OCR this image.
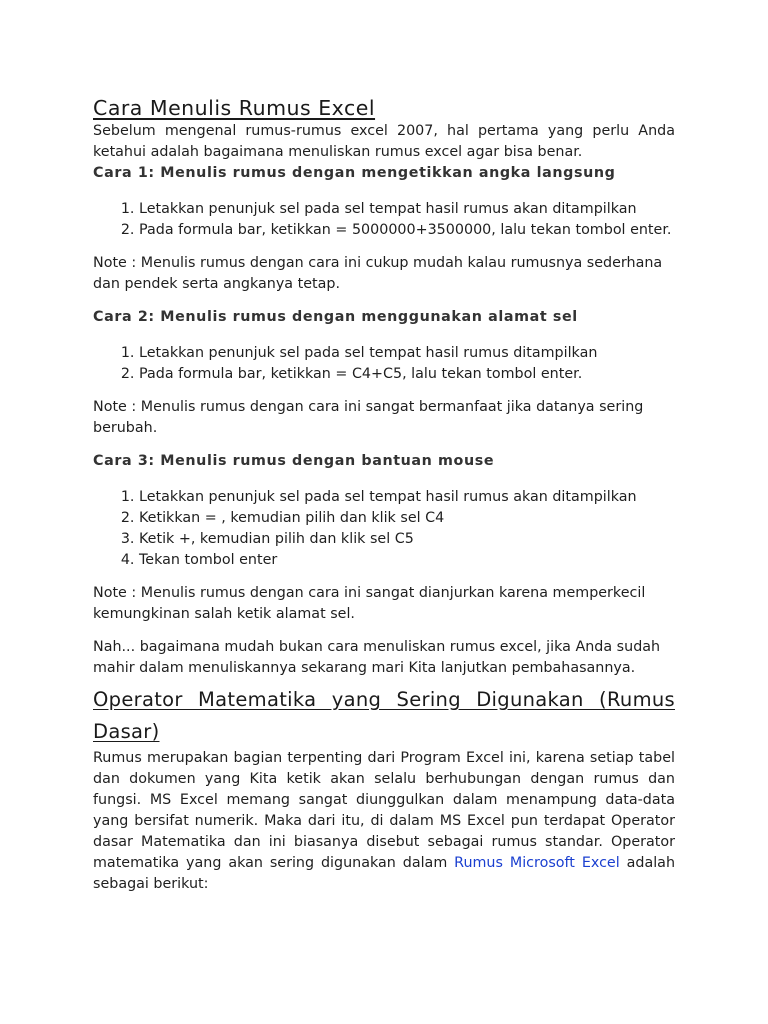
Cara Menulis Rumus Excel

Sebelum mengenal rumus-rumus excel 2007, hal pertama yang perlu Anda ketahui adalah bagaimana menuliskan rumus excel agar bisa benar.

Cara 1: Menulis rumus dengan mengetikkan angka langsung
1. Letakkan penunjuk sel pada sel tempat hasil rumus akan ditampilkan
2. Pada formula bar, ketikkan = 5000000+3500000, lalu tekan tombol enter.

Note : Menulis rumus dengan cara ini cukup mudah kalau rumusnya sederhana dan pendek serta angkanya tetap.

Cara 2: Menulis rumus dengan menggunakan alamat sel
1. Letakkan penunjuk sel pada sel tempat hasil rumus ditampilkan
2. Pada formula bar, ketikkan = C4+C5, lalu tekan tombol enter.

Note : Menulis rumus dengan cara ini sangat bermanfaat jika datanya sering berubah.

Cara 3: Menulis rumus dengan bantuan mouse
1. Letakkan penunjuk sel pada sel tempat hasil rumus akan ditampilkan
2. Ketikkan = , kemudian pilih dan klik sel C4
3. Ketik +, kemudian pilih dan klik sel C5
4. Tekan tombol enter

Note : Menulis rumus dengan cara ini sangat dianjurkan karena memperkecil kemungkinan salah ketik alamat sel.

Nah... bagaimana mudah bukan cara menuliskan rumus excel, jika Anda sudah mahir dalam menuliskannya sekarang mari Kita lanjutkan pembahasannya.

Operator Matematika yang Sering Digunakan (Rumus Dasar)

Rumus merupakan bagian terpenting dari Program Excel ini, karena setiap tabel dan dokumen yang Kita ketik akan selalu berhubungan dengan rumus dan fungsi. MS Excel memang sangat diunggulkan dalam menampung data-data yang bersifat numerik. Maka dari itu, di dalam MS Excel pun terdapat Operator dasar Matematika dan ini biasanya disebut sebagai rumus standar. Operator matematika yang akan sering digunakan dalam Rumus Microsoft Excel adalah sebagai berikut:
